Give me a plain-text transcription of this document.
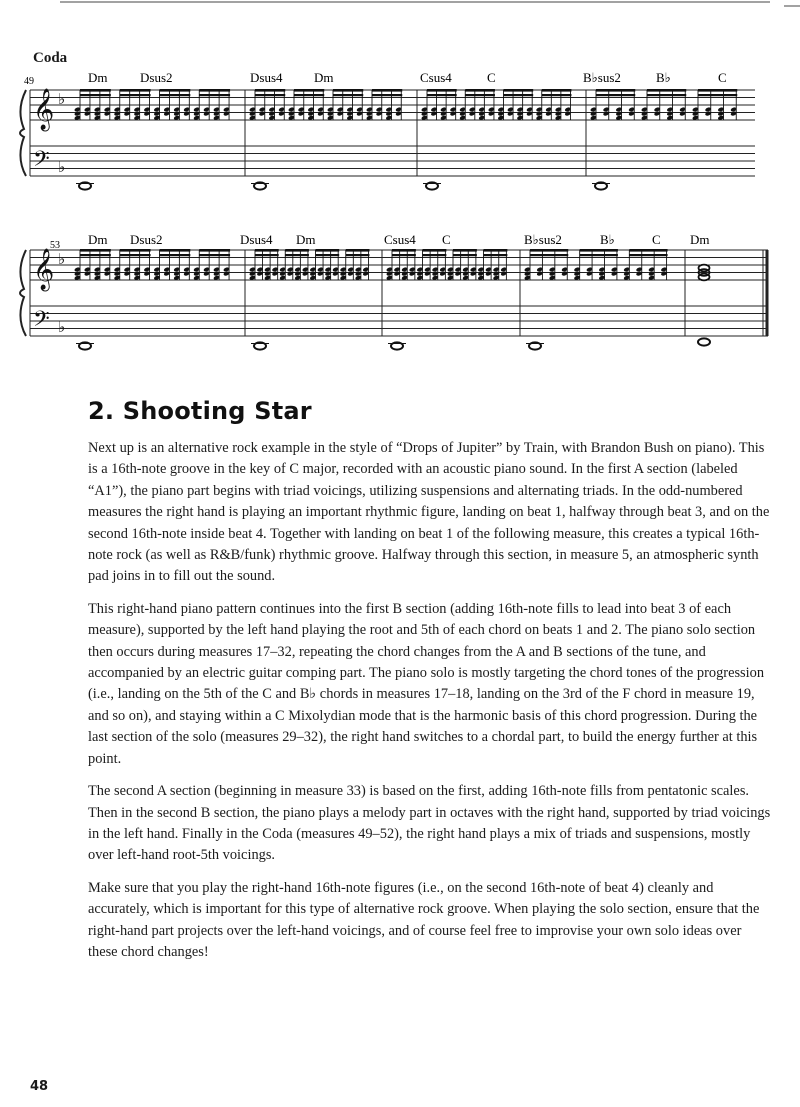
Coda
49	Dm	Dsus2	Dsus4 Dm	Csus4	C	B♭sus2	B♭	C
𝄞
𝄢
♭
♭
53 Dm Dsus2	Dsus4 Dm	Csus4 C	B♭sus2	B♭	C Dm
𝄞
𝄢
♭
♭
2. Shooting Star

Next up is an alternative rock example in the style of “Drops of Jupiter” by Train, with Brandon Bush on piano). This is a 16th-note groove in the key of C major, recorded with an acoustic piano sound. In the first A section (labeled “A1”), the piano part begins with triad voicings, utilizing suspensions and alternating triads. In the odd-numbered measures the right hand is playing an important rhythmic figure, landing on beat 1, halfway through beat 3, and on the second 16th-note inside beat 4. Together with landing on beat 1 of the following measure, this creates a typical 16th-note rock (as well as R&B/funk) rhythmic groove. Halfway through this section, in measure 5, an atmospheric synth pad joins in to fill out the sound.

This right-hand piano pattern continues into the first B section (adding 16th-note fills to lead into beat 3 of each measure), supported by the left hand playing the root and 5th of each chord on beats 1 and 2. The piano solo section then occurs during measures 17–32, repeating the chord changes from the A and B sections of the tune, and accompanied by an electric guitar comping part. The piano solo is mostly targeting the chord tones of the progression (i.e., landing on the 5th of the C and B♭ chords in measures 17–18, landing on the 3rd of the F chord in measure 19, and so on), and staying within a C Mixolydian mode that is the harmonic basis of this chord progression. During the last section of the solo (measures 29–32), the right hand switches to a chordal part, to build the energy further at this point.

The second A section (beginning in measure 33) is based on the first, adding 16th-note fills from pentatonic scales. Then in the second B section, the piano plays a melody part in octaves with the right hand, supported by triad voicings in the left hand. Finally in the Coda (measures 49–52), the right hand plays a mix of triads and suspensions, mostly over left-hand root-5th voicings.

Make sure that you play the right-hand 16th-note figures (i.e., on the second 16th-note of beat 4) cleanly and accurately, which is important for this type of alternative rock groove. When playing the solo section, ensure that the right-hand part projects over the left-hand voicings, and of course feel free to improvise your own solo ideas over these chord changes!

48
